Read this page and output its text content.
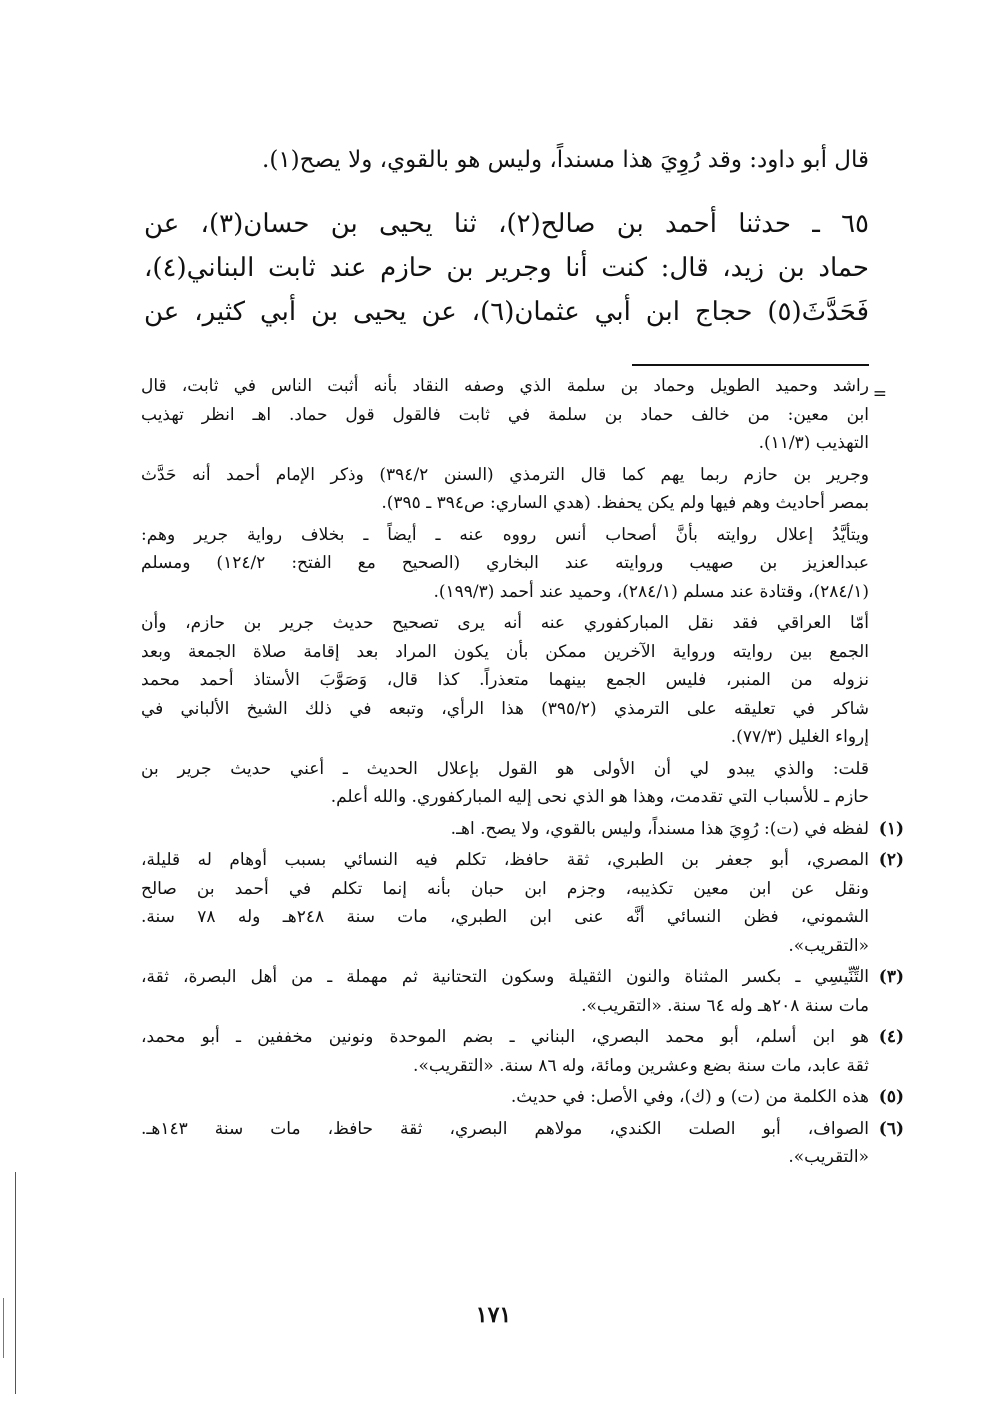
قال أبو داود: وقد رُوِيَ هذا مسنداً، وليس هو بالقوي، ولا يصح(١).
٦٥ ـ حدثنا أحمد بن صالح(٢)، ثنا يحيى بن حسان(٣)، عن
حماد بن زيد، قال: كنت أنا وجرير بن حازم عند ثابت البناني(٤)،
فَحَدَّثَ(٥) حجاج ابن أبي عثمان(٦)، عن يحيى بن أبي كثير، عن
=
راشد وحميد الطويل وحماد بن سلمة الذي وصفه النقاد بأنه أثبت الناس في ثابت، قال
ابن معين: من خالف حماد بن سلمة في ثابت فالقول قول حماد. اهـ انظر تهذيب
التهذيب (١١/٣).
وجرير بن حازم ربما يهم كما قال الترمذي (السنن ٣٩٤/٢) وذكر الإمام أحمد أنه حَدَّث
بمصر أحاديث وهم فيها ولم يكن يحفظ. (هدي الساري: ص٣٩٤ ـ ٣٩٥).
ويتأيَّدُ إعلال روايته بأنَّ أصحاب أنس رووه عنه ـ أيضاً ـ بخلاف رواية جرير وهم:
عبدالعزيز بن صهيب وروايته عند البخاري (الصحيح مع الفتح: ١٢٤/٢) ومسلم
(٢٨٤/١)، وقتادة عند مسلم (٢٨٤/١)، وحميد عند أحمد (١٩٩/٣).
أمّا العراقي فقد نقل المباركفوري عنه أنه يرى تصحيح حديث جرير بن حازم، وأن
الجمع بين روايته ورواية الآخرين ممكن بأن يكون المراد بعد إقامة صلاة الجمعة وبعد
نزوله من المنبر، فليس الجمع بينهما متعذراً. كذا قال، وَصَوَّبَ الأستاذ أحمد محمد
شاكر في تعليقه على الترمذي (٣٩٥/٢) هذا الرأي، وتبعه في ذلك الشيخ الألباني في
إرواء الغليل (٧٧/٣).
قلت: والذي يبدو لي أن الأولى هو القول بإعلال الحديث ـ أعني حديث جرير بن
حازم ـ للأسباب التي تقدمت، وهذا هو الذي نحى إليه المباركفوري. والله أعلم.
(١)
لفظه في (ت): رُوِيَ هذا مسنداً، وليس بالقوي، ولا يصح. اهـ.
(٢)
المصري، أبو جعفر بن الطبري، ثقة حافظ، تكلم فيه النسائي بسبب أوهام له قليلة،
ونقل عن ابن معين تكذيبه، وجزم ابن حبان بأنه إنما تكلم في أحمد بن صالح
الشموني، فظن النسائي أنَّه عنى ابن الطبري، مات سنة ٢٤٨هـ وله ٧٨ سنة.
«التقريب».
(٣)
التِّنِّيسِي ـ بكسر المثناة والنون الثقيلة وسكون التحتانية ثم مهملة ـ من أهل البصرة، ثقة،
مات سنة ٢٠٨هـ وله ٦٤ سنة. «التقريب».
(٤)
هو ابن أسلم، أبو محمد البصري، البناني ـ بضم الموحدة ونونين مخففين ـ أبو محمد،
ثقة عابد، مات سنة بضع وعشرين ومائة، وله ٨٦ سنة. «التقريب».
(٥)
هذه الكلمة من (ت) و (ك)، وفي الأصل: في حديث.
(٦)
الصواف، أبو الصلت الكندي، مولاهم البصري، ثقة حافظ، مات سنة ١٤٣هـ.
«التقريب».
١٧١
